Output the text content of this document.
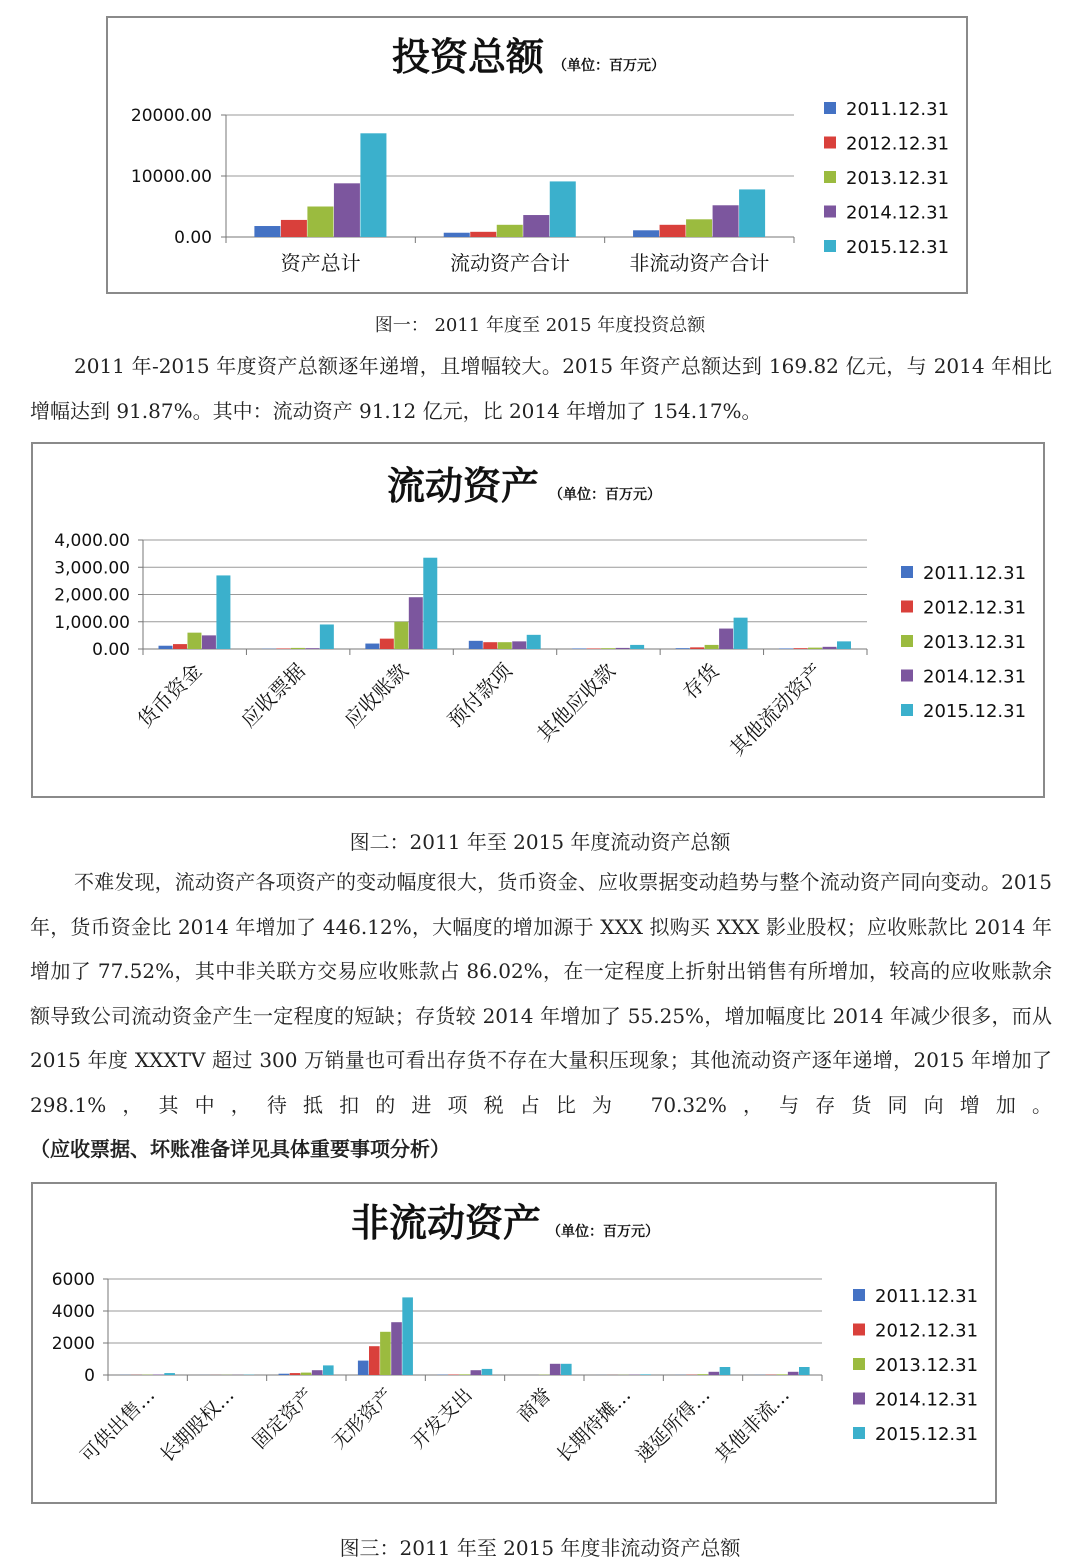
投资总额 （单位：百万元）
0.00
10000.00
20000.00
资产总计	流动资产合计	非流动资产合计
2011.12.31
2012.12.31
2013.12.31
2014.12.31
2015.12.31
图一： 2011 年度至 2015 年度投资总额
2011 年-2015 年度资产总额逐年递增，且增幅较大。2015 年资产总额达到 169.82 亿元，与 2014 年相比增幅达到 91.87%。其中：流动资产 91.12 亿元，比 2014 年增加了 154.17%。
流动资产 （单位：百万元）
0.00
1,000.00
2,000.00
3,000.00
4,000.00
货币资金 应收票据 应收账款 预付款项 其他应收款	存货 其他流动资产
2011.12.31
2012.12.31
2013.12.31
2014.12.31
2015.12.31
图二：2011 年至 2015 年度流动资产总额
不难发现，流动资产各项资产的变动幅度很大，货币资金、应收票据变动趋势与整个流动资产同向变动。2015 年，货币资金比 2014 年增加了 446.12%，大幅度的增加源于 XXX 拟购买 XXX 影业股权；应收账款比 2014 年增加了 77.52%，其中非关联方交易应收账款占 86.02%，在一定程度上折射出销售有所增加，较高的应收账款余额导致公司流动资金产生一定程度的短缺；存货较 2014 年增加了 55.25%，增加幅度比 2014 年减少很多，而从 2015 年度 XXXTV 超过 300 万销量也可看出存货不存在大量积压现象；其他流动资产逐年递增，2015 年增加了 298.1%，其中，待抵扣的进项税占比为 70.32%，与存货同向增加。（应收票据、坏账准备详见具体重要事项分析）
非流动资产 （单位：百万元）
0
2000
4000
6000
可供出售…
长期股权… 固定资产 无形资产 开发支出 商誉
长期待摊…
递延所得…
其他非流…
2011.12.31
2012.12.31
2013.12.31
2014.12.31
2015.12.31
图三：2011 年至 2015 年度非流动资产总额
